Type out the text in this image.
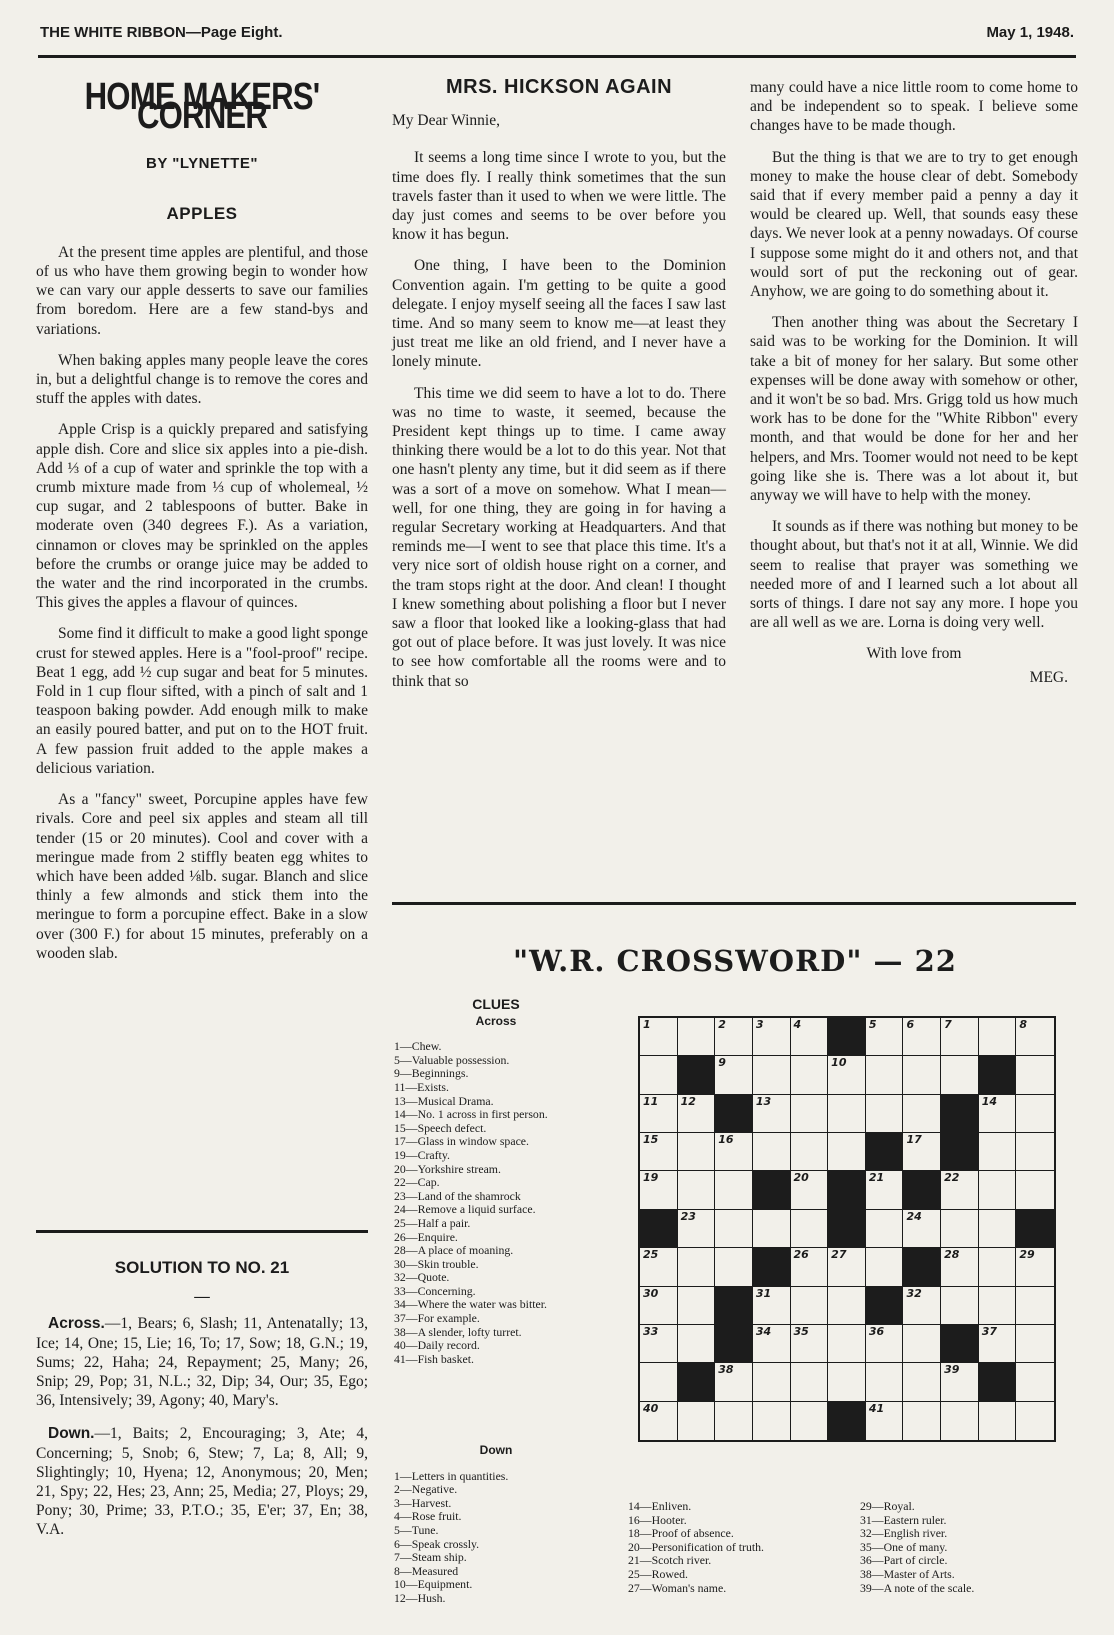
THE WHITE RIBBON—Page Eight.	May 1, 1948.
HOME MAKERS' CORNER
BY "LYNETTE"
APPLES

At the present time apples are plentiful, and those of us who have them growing begin to wonder how we can vary our apple desserts to save our families from boredom. Here are a few stand-bys and variations.

When baking apples many people leave the cores in, but a delightful change is to remove the cores and stuff the apples with dates.

Apple Crisp is a quickly prepared and satisfying apple dish. Core and slice six apples into a pie-dish. Add ⅓ of a cup of water and sprinkle the top with a crumb mixture made from ⅓ cup of wholemeal, ½ cup sugar, and 2 tablespoons of butter. Bake in moderate oven (340 degrees F.). As a variation, cinnamon or cloves may be sprinkled on the apples before the crumbs or orange juice may be added to the water and the rind incorporated in the crumbs. This gives the apples a flavour of quinces.

Some find it difficult to make a good light sponge crust for stewed apples. Here is a "fool-proof" recipe. Beat 1 egg, add ½ cup sugar and beat for 5 minutes. Fold in 1 cup flour sifted, with a pinch of salt and 1 teaspoon baking powder. Add enough milk to make an easily poured batter, and put on to the HOT fruit. A few passion fruit added to the apple makes a delicious variation.

As a "fancy" sweet, Porcupine apples have few rivals. Core and peel six apples and steam all till tender (15 or 20 minutes). Cool and cover with a meringue made from 2 stiffly beaten egg whites to which have been added ⅛lb. sugar. Blanch and slice thinly a few almonds and stick them into the meringue to form a porcupine effect. Bake in a slow over (300 F.) for about 15 minutes, preferably on a wooden slab.

SOLUTION TO NO. 21
—

Across.—1, Bears; 6, Slash; 11, Antenatally; 13, Ice; 14, One; 15, Lie; 16, To; 17, Sow; 18, G.N.; 19, Sums; 22, Haha; 24, Repayment; 25, Many; 26, Snip; 29, Pop; 31, N.L.; 32, Dip; 34, Our; 35, Ego; 36, Intensively; 39, Agony; 40, Mary's.

Down.—1, Baits; 2, Encouraging; 3, Ate; 4, Concerning; 5, Snob; 6, Stew; 7, La; 8, All; 9, Slightingly; 10, Hyena; 12, Anonymous; 20, Men; 21, Spy; 22, Hes; 23, Ann; 25, Media; 27, Ploys; 29, Pony; 30, Prime; 33, P.T.O.; 35, E'er; 37, En; 38, V.A.

MRS. HICKSON AGAIN
My Dear Winnie,

It seems a long time since I wrote to you, but the time does fly. I really think sometimes that the sun travels faster than it used to when we were little. The day just comes and seems to be over before you know it has begun.

One thing, I have been to the Dominion Convention again. I'm getting to be quite a good delegate. I enjoy myself seeing all the faces I saw last time. And so many seem to know me—at least they just treat me like an old friend, and I never have a lonely minute.

This time we did seem to have a lot to do. There was no time to waste, it seemed, because the President kept things up to time. I came away thinking there would be a lot to do this year. Not that one hasn't plenty any time, but it did seem as if there was a sort of a move on somehow. What I mean—well, for one thing, they are going in for having a regular Secretary working at Headquarters. And that reminds me—I went to see that place this time. It's a very nice sort of oldish house right on a corner, and the tram stops right at the door. And clean! I thought I knew something about polishing a floor but I never saw a floor that looked like a looking-glass that had got out of place before. It was just lovely. It was nice to see how comfortable all the rooms were and to think that so

many could have a nice little room to come home to and be independent so to speak. I believe some changes have to be made though.

But the thing is that we are to try to get enough money to make the house clear of debt. Somebody said that if every member paid a penny a day it would be cleared up. Well, that sounds easy these days. We never look at a penny nowadays. Of course I suppose some might do it and others not, and that would sort of put the reckoning out of gear. Anyhow, we are going to do something about it.

Then another thing was about the Secretary I said was to be working for the Dominion. It will take a bit of money for her salary. But some other expenses will be done away with somehow or other, and it won't be so bad. Mrs. Grigg told us how much work has to be done for the "White Ribbon" every month, and that would be done for her and her helpers, and Mrs. Toomer would not need to be kept going like she is. There was a lot about it, but anyway we will have to help with the money.

It sounds as if there was nothing but money to be thought about, but that's not it at all, Winnie. We did seem to realise that prayer was something we needed more of and I learned such a lot about all sorts of things. I dare not say any more. I hope you are all well as we are. Lorna is doing very well.

With love from
MEG.
"W.R. CROSSWORD" — 22
CLUES
Across
1—Chew.
5—Valuable possession.
9—Beginnings.
11—Exists.
13—Musical Drama.
14—No. 1 across in first person.
15—Speech defect.
17—Glass in window space.
19—Crafty.
20—Yorkshire stream.
22—Cap.
23—Land of the shamrock
24—Remove a liquid surface.
25—Half a pair.
26—Enquire.
28—A place of moaning.
30—Skin trouble.
32—Quote.
33—Concerning.
34—Where the water was bitter.
37—For example.
38—A slender, lofty turret.
40—Daily record.
41—Fish basket.
Down
1—Letters in quantities.
2—Negative.
3—Harvest.
4—Rose fruit.
5—Tune.
6—Speak crossly.
7—Steam ship.
8—Measured
10—Equipment.
12—Hush.
14—Enliven.
16—Hooter.
18—Proof of absence.
20—Personification of truth.
21—Scotch river.
25—Rowed.
27—Woman's name.
29—Royal.
31—Eastern ruler.
32—English river.
35—One of many.
36—Part of circle.
38—Master of Arts.
39—A note of the scale.
1	2	3	4	5	6	7	8
9	10
11 12	13	14
15	16	17
19	20	21	22
23	24
25	26 27	28	29
30	31	32
33	34 35	36	37
38	39
40	41
